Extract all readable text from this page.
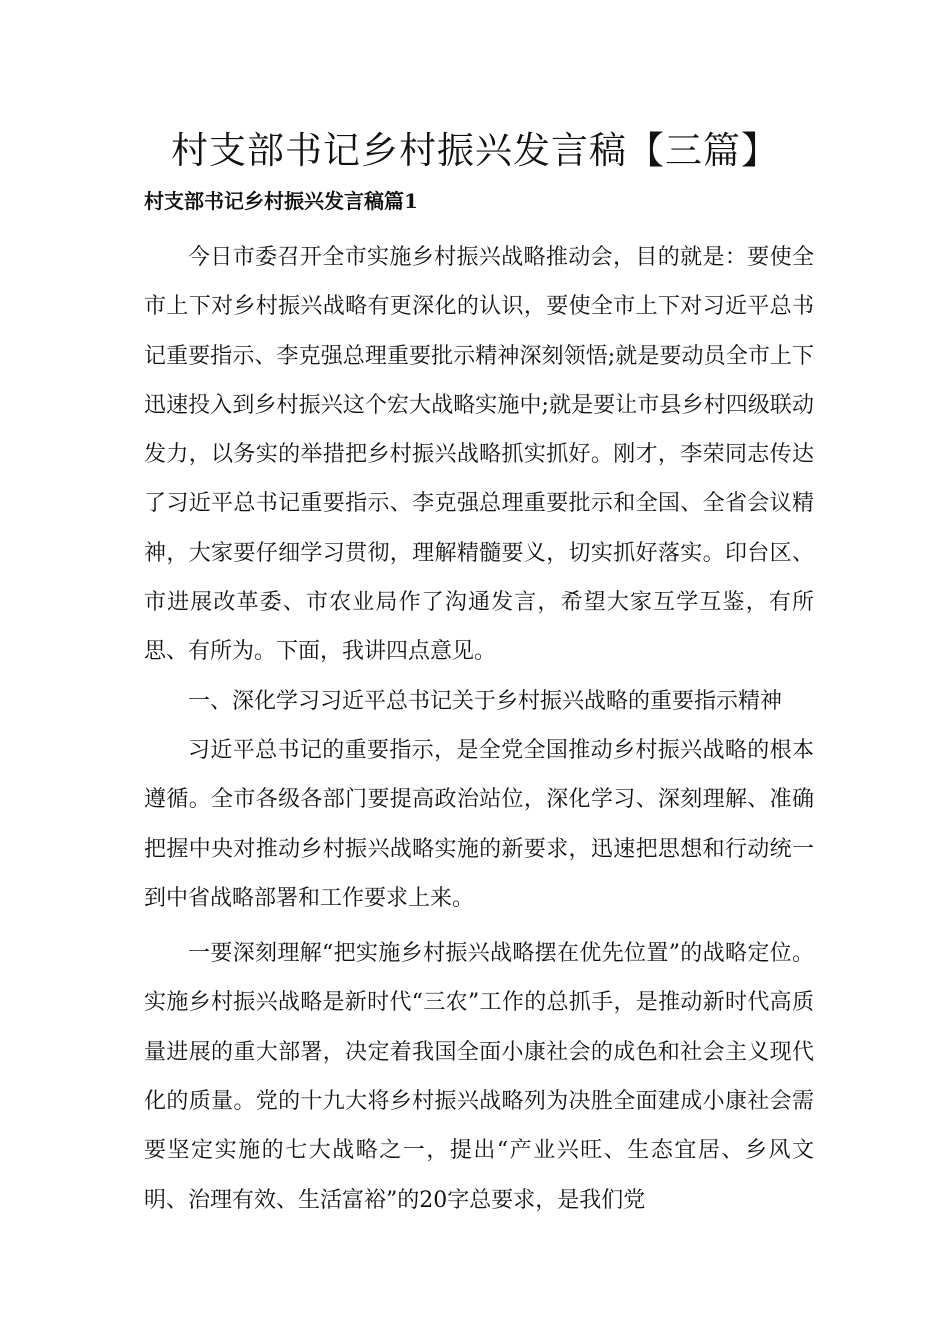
村支部书记乡村振兴发言稿【三篇】
村支部书记乡村振兴发言稿篇1

今日市委召开全市实施乡村振兴战略推动会，目的就是：要使全市上下对乡村振兴战略有更深化的认识，要使全市上下对习近平总书记重要指示、李克强总理重要批示精神深刻领悟;就是要动员全市上下迅速投入到乡村振兴这个宏大战略实施中;就是要让市县乡村四级联动发力，以务实的举措把乡村振兴战略抓实抓好。刚才，李荣同志传达了习近平总书记重要指示、李克强总理重要批示和全国、全省会议精神，大家要仔细学习贯彻，理解精髓要义，切实抓好落实。印台区、市进展改革委、市农业局作了沟通发言，希望大家互学互鉴，有所思、有所为。下面，我讲四点意见。

一、深化学习习近平总书记关于乡村振兴战略的重要指示精神

习近平总书记的重要指示，是全党全国推动乡村振兴战略的根本遵循。全市各级各部门要提高政治站位，深化学习、深刻理解、准确把握中央对推动乡村振兴战略实施的新要求，迅速把思想和行动统一到中省战略部署和工作要求上来。

一要深刻理解“把实施乡村振兴战略摆在优先位置”的战略定位。实施乡村振兴战略是新时代“三农”工作的总抓手，是推动新时代高质量进展的重大部署，决定着我国全面小康社会的成色和社会主义现代化的质量。党的十九大将乡村振兴战略列为决胜全面建成小康社会需要坚定实施的七大战略之一，提出“产业兴旺、生态宜居、乡风文明、治理有效、生活富裕”的20字总要求，是我们党
